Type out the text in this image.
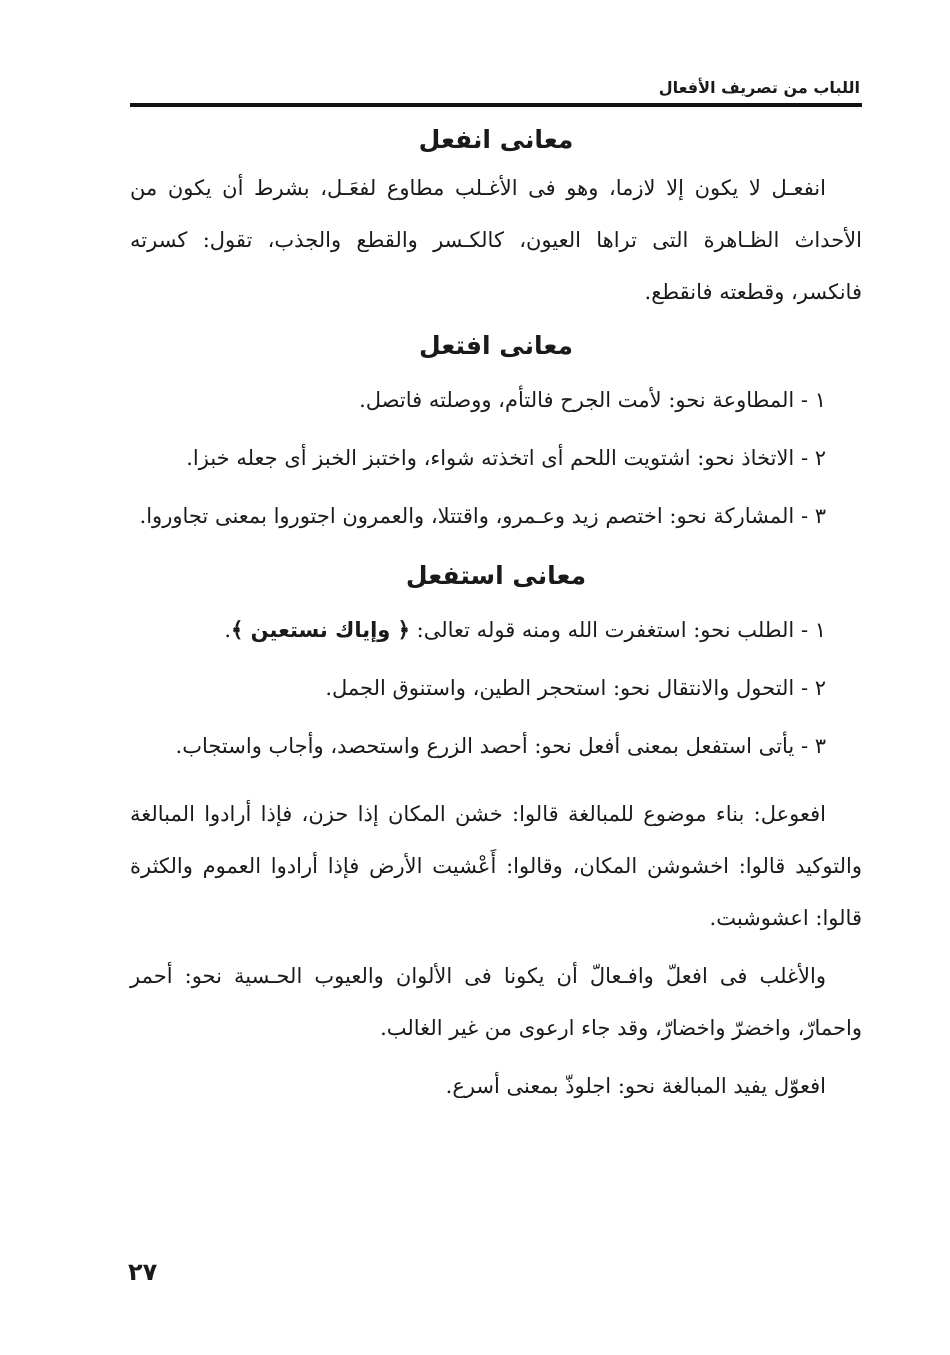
اللباب من تصريف الأفعال
معانى انفعل

انفعـل لا يكون إلا لازما، وهو فى الأغـلب مطاوع لفعَـل، بشرط أن يكون من الأحداث الظـاهرة التى تراها العيون، كالكـسر والقطع والجذب، تقول: كسرته فانكسر، وقطعته فانقطع.

معانى افتعل

١ - المطاوعة نحو: لأمت الجرح فالتأم، ووصلته فاتصل.

٢ - الاتخاذ نحو: اشتويت اللحم أى اتخذته شواء، واختبز الخبز أى جعله خبزا.

٣ - المشاركة نحو: اختصم زيد وعـمرو، واقتتلا، والعمرون اجتوروا بمعنى تجاوروا.

معانى استفعل

١ - الطلب نحو: استغفرت الله ومنه قوله تعالى: ﴿ وإياك نستعين ﴾.

٢ - التحول والانتقال نحو: استحجر الطين، واستنوق الجمل.

٣ - يأتى استفعل بمعنى أفعل نحو: أحصد الزرع واستحصد، وأجاب واستجاب.

افعوعل: بناء موضوع للمبالغة قالوا: خشن المكان إذا حزن، فإذا أرادوا المبالغة والتوكيد قالوا: اخشوشن المكان، وقالوا: أَعْشيت الأرض فإذا أرادوا العموم والكثرة قالوا: اعشوشبت.

والأغلب فى افعلّ وافـعالّ أن يكونا فى الألوان والعيوب الحـسية نحو: أحمر واحمارّ، واخضرّ واخضارّ، وقد جاء ارعوى من غير الغالب.

افعوّل يفيد المبالغة نحو: اجلوذّ بمعنى أسرع.

٢٧
